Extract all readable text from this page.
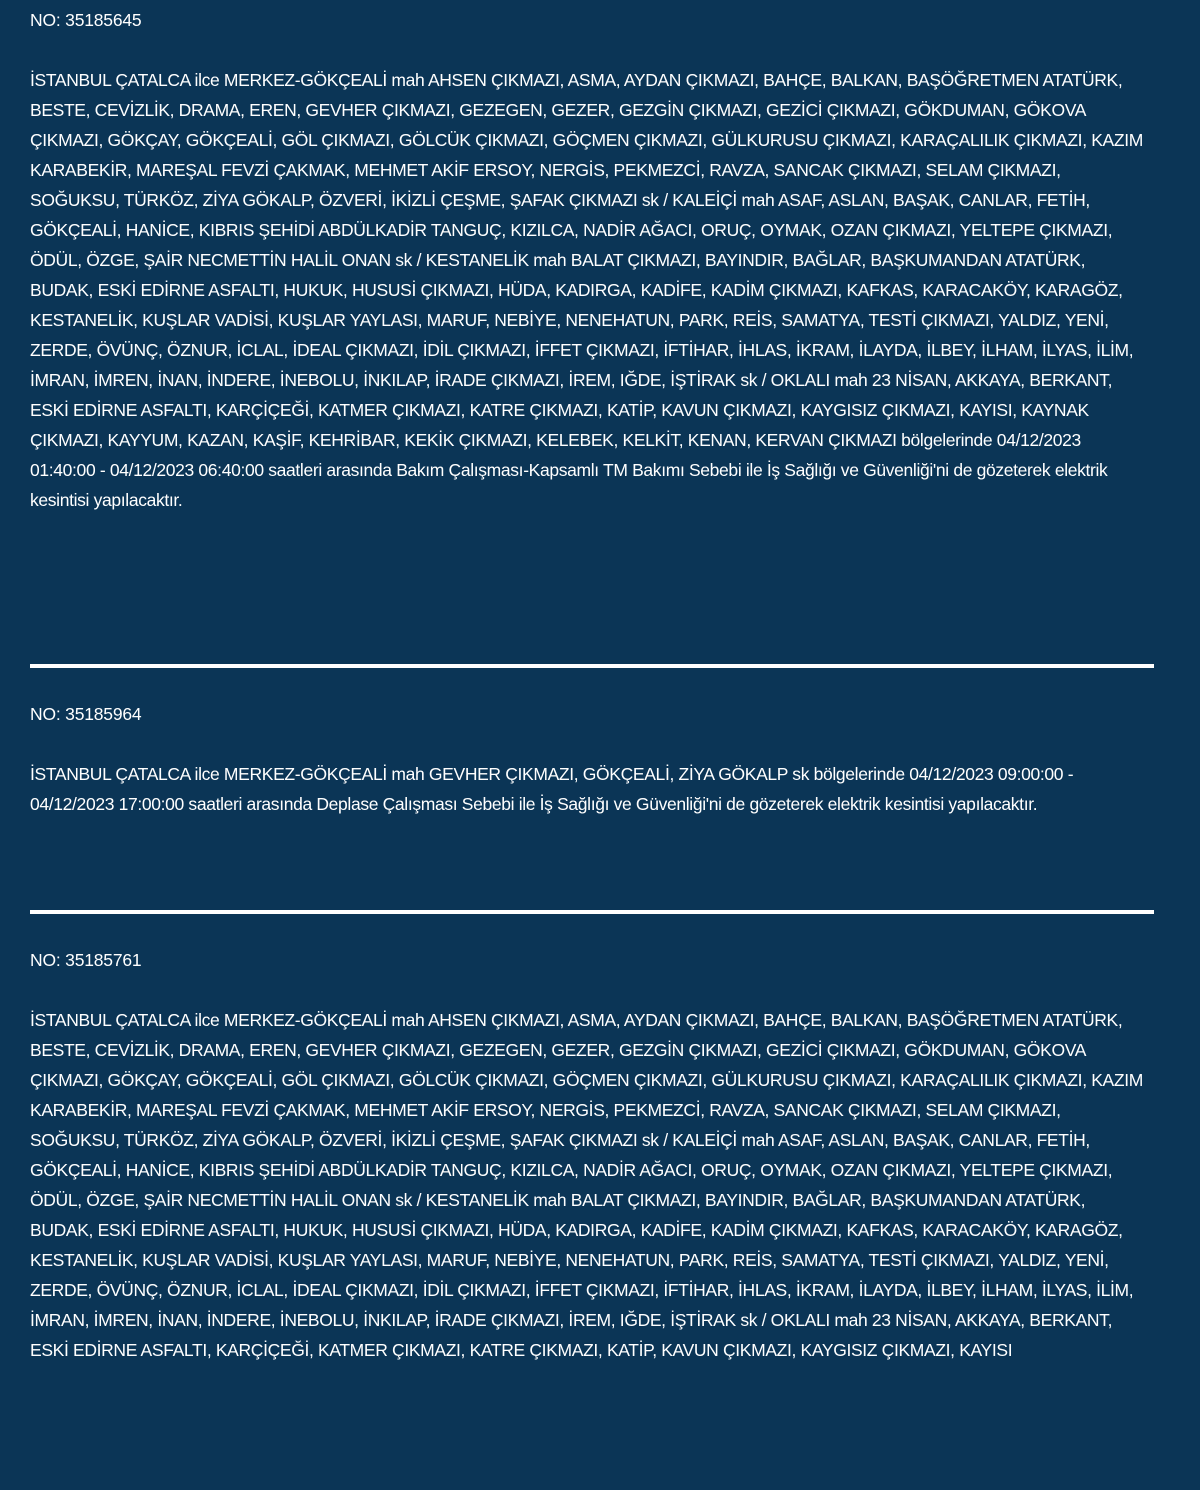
NO: 35185645

İSTANBUL ÇATALCA ilce MERKEZ-GÖKÇEALİ mah AHSEN ÇIKMAZI, ASMA, AYDAN ÇIKMAZI, BAHÇE, BALKAN, BAŞÖĞRETMEN ATATÜRK, BESTE, CEVİZLİK, DRAMA, EREN, GEVHER ÇIKMAZI, GEZEGEN, GEZER, GEZGİN ÇIKMAZI, GEZİCİ ÇIKMAZI, GÖKDUMAN, GÖKOVA ÇIKMAZI, GÖKÇAY, GÖKÇEALİ, GÖL ÇIKMAZI, GÖLCÜK ÇIKMAZI, GÖÇMEN ÇIKMAZI, GÜLKURUSU ÇIKMAZI, KARAÇALILIK ÇIKMAZI, KAZIM KARABEKİR, MAREŞAL FEVZİ ÇAKMAK, MEHMET AKİF ERSOY, NERGİS, PEKMEZCİ, RAVZA, SANCAK ÇIKMAZI, SELAM ÇIKMAZI, SOĞUKSU, TÜRKÖZ, ZİYA GÖKALP, ÖZVERİ, İKİZLİ ÇEŞME, ŞAFAK ÇIKMAZI sk / KALEİÇİ mah ASAF, ASLAN, BAŞAK, CANLAR, FETİH, GÖKÇEALİ, HANİCE, KIBRIS ŞEHİDİ ABDÜLKADİR TANGUÇ, KIZILCA, NADİR AĞACI, ORUÇ, OYMAK, OZAN ÇIKMAZI, YELTEPE ÇIKMAZI, ÖDÜL, ÖZGE, ŞAİR NECMETTİN HALİL ONAN sk / KESTANELİK mah BALAT ÇIKMAZI, BAYINDIR, BAĞLAR, BAŞKUMANDAN ATATÜRK, BUDAK, ESKİ EDİRNE ASFALTI, HUKUK, HUSUSİ ÇIKMAZI, HÜDA, KADIRGA, KADİFE, KADİM ÇIKMAZI, KAFKAS, KARACAKÖY, KARAGÖZ, KESTANELİK, KUŞLAR VADİSİ, KUŞLAR YAYLASI, MARUF, NEBİYE, NENEHATUN, PARK, REİS, SAMATYA, TESTİ ÇIKMAZI, YALDIZ, YENİ, ZERDE, ÖVÜNÇ, ÖZNUR, İCLAL, İDEAL ÇIKMAZI, İDİL ÇIKMAZI, İFFET ÇIKMAZI, İFTİHAR, İHLAS, İKRAM, İLAYDA, İLBEY, İLHAM, İLYAS, İLİM, İMRAN, İMREN, İNAN, İNDERE, İNEBOLU, İNKILAP, İRADE ÇIKMAZI, İREM, IĞDE, İŞTİRAK sk / OKLALI mah 23 NİSAN, AKKAYA, BERKANT, ESKİ EDİRNE ASFALTI, KARÇİÇEĞİ, KATMER ÇIKMAZI, KATRE ÇIKMAZI, KATİP, KAVUN ÇIKMAZI, KAYGISIZ ÇIKMAZI, KAYISI, KAYNAK ÇIKMAZI, KAYYUM, KAZAN, KAŞİF, KEHRİBAR, KEKİK ÇIKMAZI, KELEBEK, KELKİT, KENAN, KERVAN ÇIKMAZI bölgelerinde 04/12/2023 01:40:00 - 04/12/2023 06:40:00 saatleri arasında Bakım Çalışması-Kapsamlı TM Bakımı Sebebi ile İş Sağlığı ve Güvenliği'ni de gözeterek elektrik kesintisi yapılacaktır.

NO: 35185964

İSTANBUL ÇATALCA ilce MERKEZ-GÖKÇEALİ mah GEVHER ÇIKMAZI, GÖKÇEALİ, ZİYA GÖKALP sk bölgelerinde 04/12/2023 09:00:00 - 04/12/2023 17:00:00 saatleri arasında Deplase Çalışması Sebebi ile İş Sağlığı ve Güvenliği'ni de gözeterek elektrik kesintisi yapılacaktır.

NO: 35185761

İSTANBUL ÇATALCA ilce MERKEZ-GÖKÇEALİ mah AHSEN ÇIKMAZI, ASMA, AYDAN ÇIKMAZI, BAHÇE, BALKAN, BAŞÖĞRETMEN ATATÜRK, BESTE, CEVİZLİK, DRAMA, EREN, GEVHER ÇIKMAZI, GEZEGEN, GEZER, GEZGİN ÇIKMAZI, GEZİCİ ÇIKMAZI, GÖKDUMAN, GÖKOVA ÇIKMAZI, GÖKÇAY, GÖKÇEALİ, GÖL ÇIKMAZI, GÖLCÜK ÇIKMAZI, GÖÇMEN ÇIKMAZI, GÜLKURUSU ÇIKMAZI, KARAÇALILIK ÇIKMAZI, KAZIM KARABEKİR, MAREŞAL FEVZİ ÇAKMAK, MEHMET AKİF ERSOY, NERGİS, PEKMEZCİ, RAVZA, SANCAK ÇIKMAZI, SELAM ÇIKMAZI, SOĞUKSU, TÜRKÖZ, ZİYA GÖKALP, ÖZVERİ, İKİZLİ ÇEŞME, ŞAFAK ÇIKMAZI sk / KALEİÇİ mah ASAF, ASLAN, BAŞAK, CANLAR, FETİH, GÖKÇEALİ, HANİCE, KIBRIS ŞEHİDİ ABDÜLKADİR TANGUÇ, KIZILCA, NADİR AĞACI, ORUÇ, OYMAK, OZAN ÇIKMAZI, YELTEPE ÇIKMAZI, ÖDÜL, ÖZGE, ŞAİR NECMETTİN HALİL ONAN sk / KESTANELİK mah BALAT ÇIKMAZI, BAYINDIR, BAĞLAR, BAŞKUMANDAN ATATÜRK, BUDAK, ESKİ EDİRNE ASFALTI, HUKUK, HUSUSİ ÇIKMAZI, HÜDA, KADIRGA, KADİFE, KADİM ÇIKMAZI, KAFKAS, KARACAKÖY, KARAGÖZ, KESTANELİK, KUŞLAR VADİSİ, KUŞLAR YAYLASI, MARUF, NEBİYE, NENEHATUN, PARK, REİS, SAMATYA, TESTİ ÇIKMAZI, YALDIZ, YENİ, ZERDE, ÖVÜNÇ, ÖZNUR, İCLAL, İDEAL ÇIKMAZI, İDİL ÇIKMAZI, İFFET ÇIKMAZI, İFTİHAR, İHLAS, İKRAM, İLAYDA, İLBEY, İLHAM, İLYAS, İLİM, İMRAN, İMREN, İNAN, İNDERE, İNEBOLU, İNKILAP, İRADE ÇIKMAZI, İREM, IĞDE, İŞTİRAK sk / OKLALI mah 23 NİSAN, AKKAYA, BERKANT, ESKİ EDİRNE ASFALTI, KARÇİÇEĞİ, KATMER ÇIKMAZI, KATRE ÇIKMAZI, KATİP, KAVUN ÇIKMAZI, KAYGISIZ ÇIKMAZI, KAYISI
